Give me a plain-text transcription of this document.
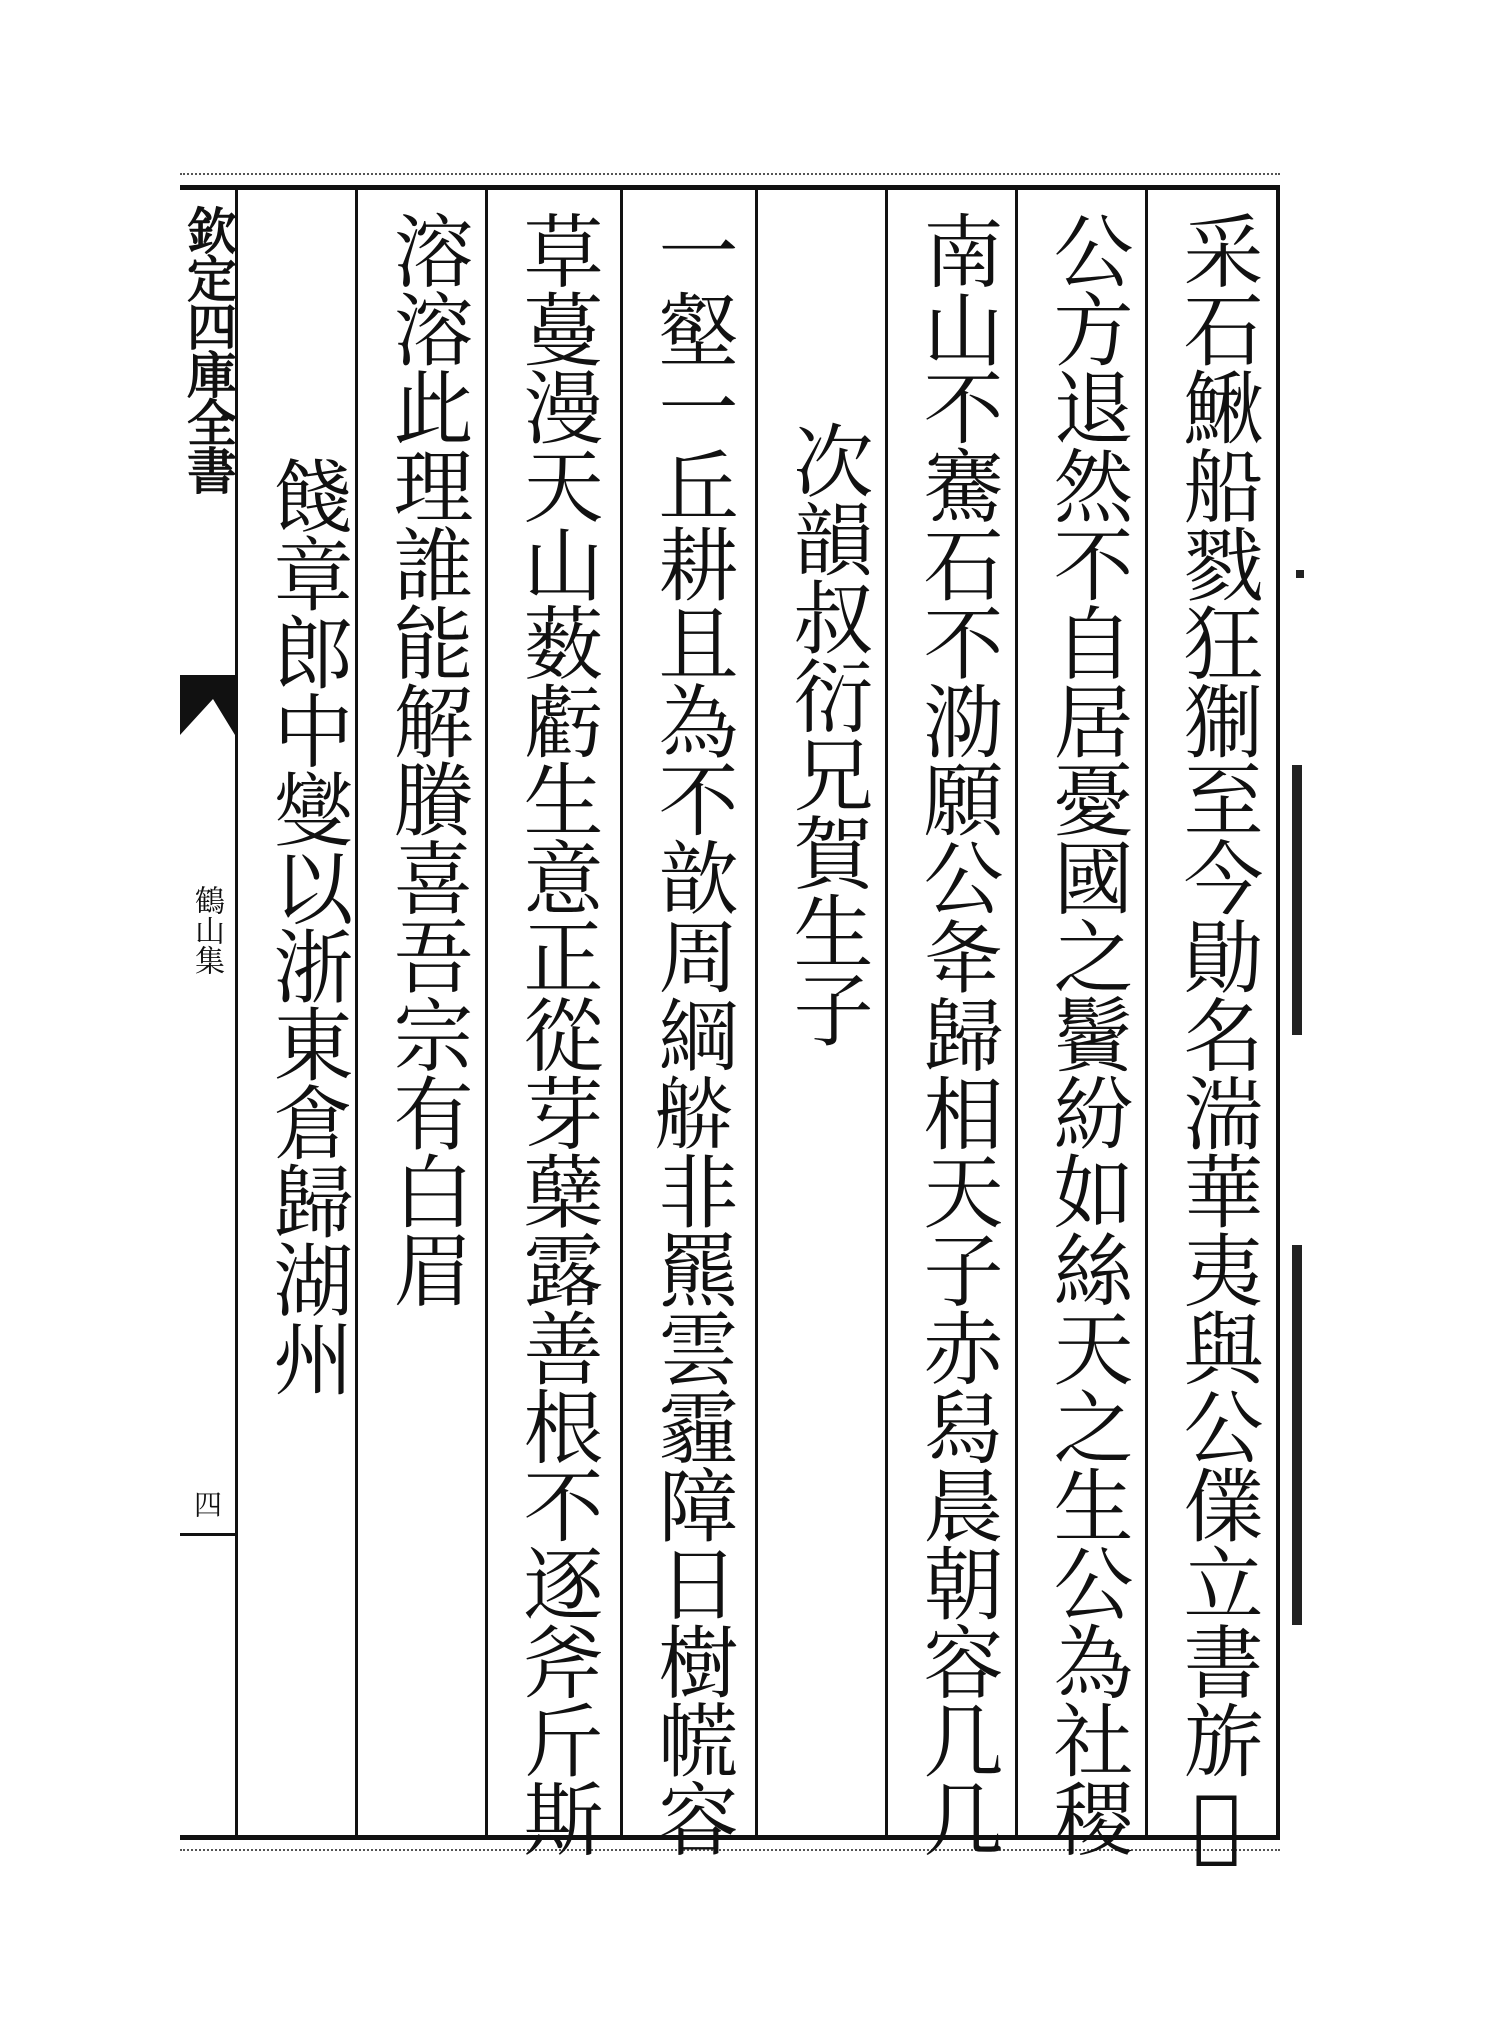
欽定四庫全書
鶴山集
四
餞章郎中燮以浙東倉歸湖州 溶溶此理誰能解賸喜吾宗有白眉 草蔓漫天山薮虧生意正從芽蘖露善根不逐斧斤斯 一壑一丘耕且為不歆周綱𦩎非羆雲霾障日樹㡛容 次韻叔衍兄賀生子 南山不騫石不泐願公夅歸相天子赤舄晨朝容几几 公方退然不自居憂國之鬢紛如絲天之生公為社稷 采石鰍船戮狂猘至今勛名湍華夷與公㒒立書旂𢧐
